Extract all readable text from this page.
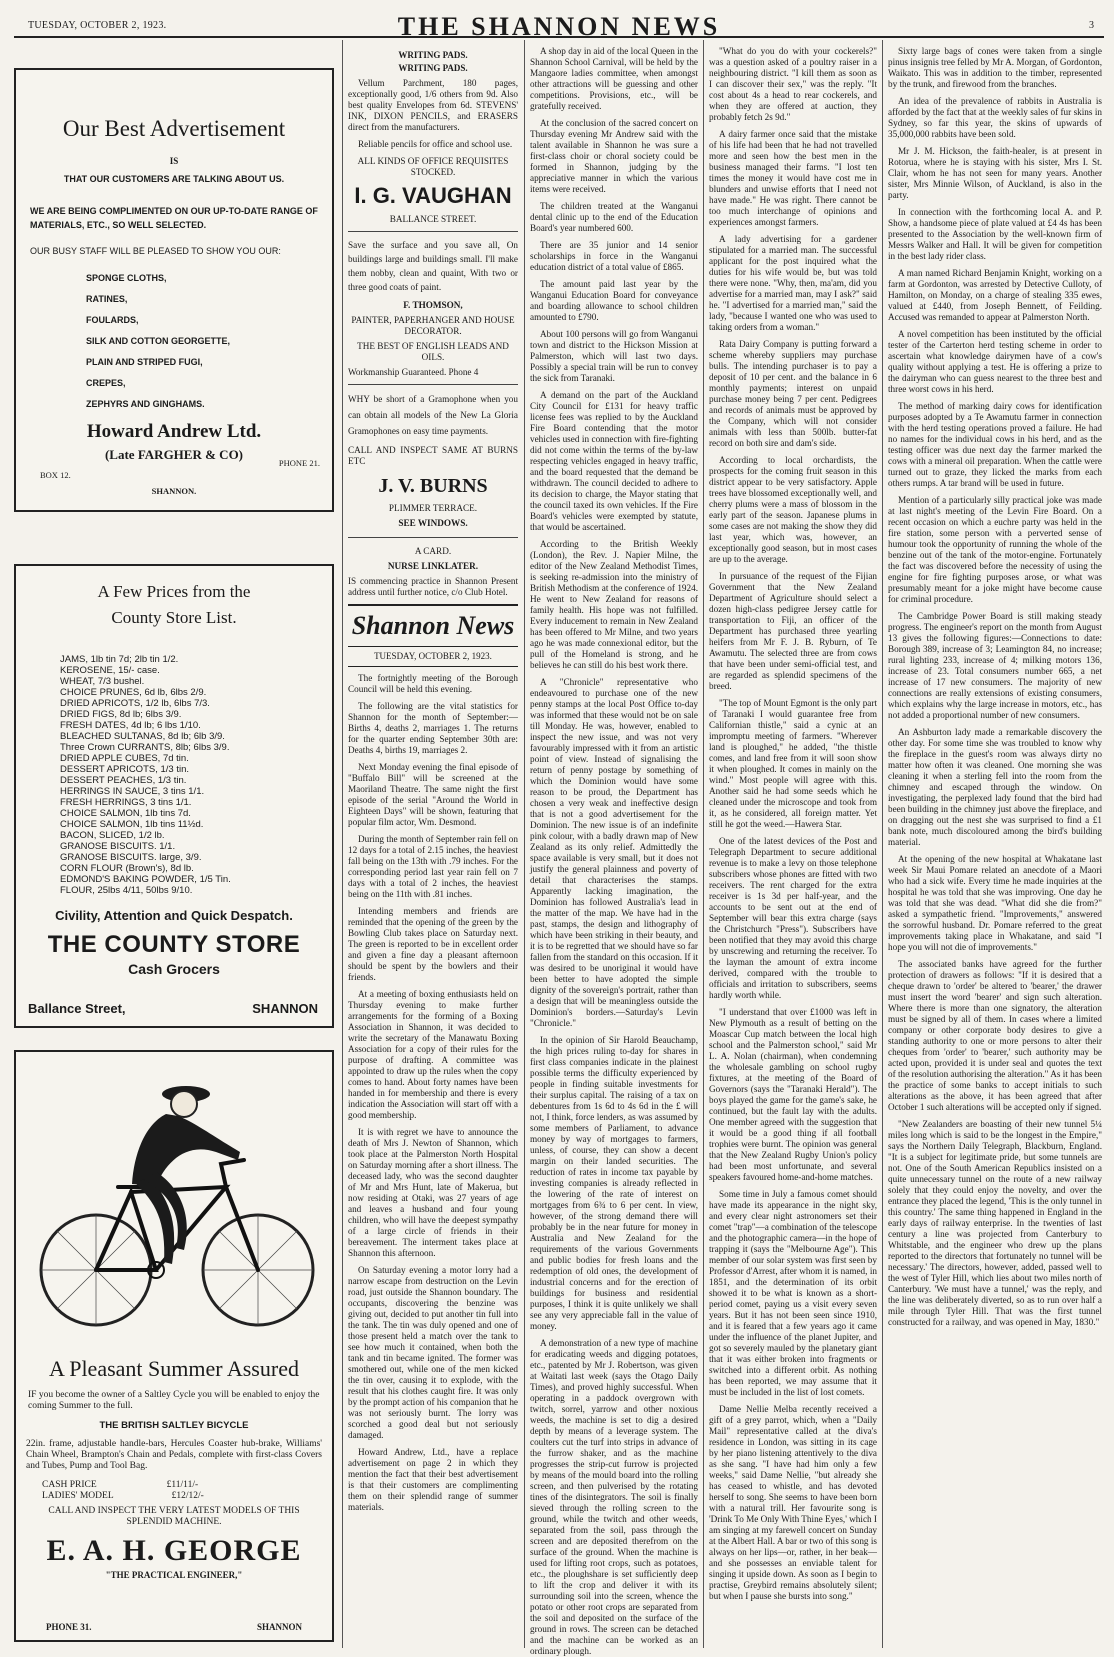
TUESDAY, OCTOBER 2, 1923.	THE SHANNON NEWS	3
Our Best Advertisement
IS
THAT OUR CUSTOMERS ARE TALKING ABOUT US.
WE ARE BEING COMPLIMENTED ON OUR UP-TO-DATE RANGE OF MATERIALS, ETC., SO WELL SELECTED.
OUR BUSY STAFF WILL BE PLEASED TO SHOW YOU OUR:
SPONGE CLOTHS,
RATINES,
FOULARDS,
SILK AND COTTON GEORGETTE,
PLAIN AND STRIPED FUGI,
CREPES,
ZEPHYRS AND GINGHAMS.
Howard Andrew Ltd.
(Late FARGHER & CO)
BOX 12.
PHONE 21.
SHANNON.
A Few Prices from the
County Store List.
JAMS, 1lb tin 7d; 2lb tin 1/2.
KEROSENE, 15/- case.
WHEAT, 7/3 bushel.
CHOICE PRUNES, 6d lb, 6lbs 2/9.
DRIED APRICOTS, 1/2 lb, 6lbs 7/3.
DRIED FIGS, 8d lb; 6lbs 3/9.
FRESH DATES, 4d lb; 6 lbs 1/10.
BLEACHED SULTANAS, 8d lb; 6lb 3/9.
Three Crown CURRANTS, 8lb; 6lbs 3/9.
DRIED APPLE CUBES, 7d tin.
DESSERT APRICOTS, 1/3 tin.
DESSERT PEACHES, 1/3 tin.
HERRINGS IN SAUCE, 3 tins 1/1.
FRESH HERRINGS, 3 tins 1/1.
CHOICE SALMON, 1lb tins 7d.
CHOICE SALMON, 1lb tins 11½d.
BACON, SLICED, 1/2 lb.
GRANOSE BISCUITS. 1/1.
GRANOSE BISCUITS. large, 3/9.
CORN FLOUR (Brown's), 8d lb.
EDMOND'S BAKING POWDER, 1/5 Tin.
FLOUR, 25lbs 4/11, 50lbs 9/10.
Civility, Attention and Quick Despatch.
THE COUNTY STORE
Cash Grocers
Ballance Street,	SHANNON
A Pleasant Summer Assured
IF you become the owner of a Saltley Cycle you will be enabled to enjoy the coming Summer to the full.
THE BRITISH SALTLEY BICYCLE
22in. frame, adjustable handle-bars, Hercules Coaster hub-brake, Williams' Chain Wheel, Brampton's Chain and Pedals, complete with first-class Covers and Tubes, Pump and Tool Bag.
CASH PRICE	£11/11/-
LADIES' MODEL	£12/12/-
CALL AND INSPECT THE VERY LATEST MODELS OF THIS SPLENDID MACHINE.
E. A. H. GEORGE
"THE PRACTICAL ENGINEER,"
PHONE 31.	SHANNON
WRITING PADS.
WRITING PADS.

Vellum Parchment, 180 pages, exceptionally good, 1/6 others from 9d. Also best quality Envelopes from 6d. STEVENS' INK, DIXON PENCILS, and ERASERS direct from the manufacturers.

Reliable pencils for office and school use.

ALL KINDS OF OFFICE REQUISITES STOCKED.
I. G. VAUGHAN
BALLANCE STREET.

Save the surface and you save all, On buildings large and buildings small. I'll make them nobby, clean and quaint, With two or three good coats of paint.

F. THOMSON,
PAINTER, PAPERHANGER AND HOUSE DECORATOR.
THE BEST OF ENGLISH LEADS AND OILS.

Workmanship Guaranteed. Phone 4

WHY be short of a Gramophone when you can obtain all models of the New La Gloria Gramophones on easy time payments.

CALL AND INSPECT SAME AT BURNS ETC

J. V. BURNS
PLIMMER TERRACE.
SEE WINDOWS.
A CARD.
NURSE LINKLATER.

IS commencing practice in Shannon Present address until further notice, c/o Club Hotel.

Shannon News
TUESDAY, OCTOBER 2, 1923.

The fortnightly meeting of the Borough Council will be held this evening.

The following are the vital statistics for Shannon for the month of September:—Births 4, deaths 2, marriages 1. The returns for the quarter ending September 30th are: Deaths 4, births 19, marriages 2.

Next Monday evening the final episode of "Buffalo Bill" will be screened at the Maoriland Theatre. The same night the first episode of the serial "Around the World in Eighteen Days" will be shown, featuring that popular film actor, Wm. Desmond.

During the month of September rain fell on 12 days for a total of 2.15 inches, the heaviest fall being on the 13th with .79 inches. For the corresponding period last year rain fell on 7 days with a total of 2 inches, the heaviest being on the 11th with .81 inches.

Intending members and friends are reminded that the opening of the green by the Bowling Club takes place on Saturday next. The green is reported to be in excellent order and given a fine day a pleasant afternoon should be spent by the bowlers and their friends.

At a meeting of boxing enthusiasts held on Thursday evening to make further arrangements for the forming of a Boxing Association in Shannon, it was decided to write the secretary of the Manawatu Boxing Association for a copy of their rules for the purpose of drafting. A committee was appointed to draw up the rules when the copy comes to hand. About forty names have been handed in for membership and there is every indication the Association will start off with a good membership.

It is with regret we have to announce the death of Mrs J. Newton of Shannon, which took place at the Palmerston North Hospital on Saturday morning after a short illness. The deceased lady, who was the second daughter of Mr and Mrs Hunt, late of Makerua, but now residing at Otaki, was 27 years of age and leaves a husband and four young children, who will have the deepest sympathy of a large circle of friends in their bereavement. The interment takes place at Shannon this afternoon.

On Saturday evening a motor lorry had a narrow escape from destruction on the Levin road, just outside the Shannon boundary. The occupants, discovering the benzine was giving out, decided to put another tin full into the tank. The tin was duly opened and one of those present held a match over the tank to see how much it contained, when both the tank and tin became ignited. The former was smothered out, while one of the men kicked the tin over, causing it to explode, with the result that his clothes caught fire. It was only by the prompt action of his companion that he was not seriously burnt. The lorry was scorched a good deal but not seriously damaged.

Howard Andrew, Ltd., have a replace advertisement on page 2 in which they mention the fact that their best advertisement is that their customers are complimenting them on their splendid range of summer materials.

A shop day in aid of the local Queen in the Shannon School Carnival, will be held by the Mangaore ladies committee, when amongst other attractions will be guessing and other competitions. Provisions, etc., will be gratefully received.

At the conclusion of the sacred concert on Thursday evening Mr Andrew said with the talent available in Shannon he was sure a first-class choir or choral society could be formed in Shannon, judging by the appreciative manner in which the various items were received.

The children treated at the Wanganui dental clinic up to the end of the Education Board's year numbered 600.

There are 35 junior and 14 senior scholarships in force in the Wanganui education district of a total value of £865.

The amount paid last year by the Wanganui Education Board for conveyance and boarding allowance to school children amounted to £790.

About 100 persons will go from Wanganui town and district to the Hickson Mission at Palmerston, which will last two days. Possibly a special train will be run to convey the sick from Taranaki.

A demand on the part of the Auckland City Council for £131 for heavy traffic license fees was replied to by the Auckland Fire Board contending that the motor vehicles used in connection with fire-fighting did not come within the terms of the by-law respecting vehicles engaged in heavy traffic, and the board requested that the demand be withdrawn. The council decided to adhere to its decision to charge, the Mayor stating that the council taxed its own vehicles. If the Fire Board's vehicles were exempted by statute, that would be ascertained.

According to the British Weekly (London), the Rev. J. Napier Milne, the editor of the New Zealand Methodist Times, is seeking re-admission into the ministry of British Methodism at the conference of 1924. He went to New Zealand for reasons of family health. His hope was not fulfilled. Every inducement to remain in New Zealand has been offered to Mr Milne, and two years ago he was made connexional editor, but the pull of the Homeland is strong, and he believes he can still do his best work there.

A "Chronicle" representative who endeavoured to purchase one of the new penny stamps at the local Post Office to-day was informed that these would not be on sale till Monday. He was, however, enabled to inspect the new issue, and was not very favourably impressed with it from an artistic point of view. Instead of signalising the return of penny postage by something of which the Dominion would have some reason to be proud, the Department has chosen a very weak and ineffective design that is not a good advertisement for the Dominion. The new issue is of an indefinite pink colour, with a badly drawn map of New Zealand as its only relief. Admittedly the space available is very small, but it does not justify the general plainness and poverty of detail that characterises the stamps. Apparently lacking imagination, the Dominion has followed Australia's lead in the matter of the map. We have had in the past, stamps, the design and lithography of which have been striking in their beauty, and it is to be regretted that we should have so far fallen from the standard on this occasion. If it was desired to be unoriginal it would have been better to have adopted the simple dignity of the sovereign's portrait, rather than a design that will be meaningless outside the Dominion's borders.—Saturday's Levin "Chronicle."

In the opinion of Sir Harold Beauchamp, the high prices ruling to-day for shares in first class companies indicate in the plainest possible terms the difficulty experienced by people in finding suitable investments for their surplus capital. The raising of a tax on debentures from 1s 6d to 4s 6d in the £ will not, I think, force lenders, as was assumed by some members of Parliament, to advance money by way of mortgages to farmers, unless, of course, they can show a decent margin on their landed securities. The reduction of rates in income tax payable by investing companies is already reflected in the lowering of the rate of interest on mortgages from 6¾ to 6 per cent. In view, however, of the strong demand there will probably be in the near future for money in Australia and New Zealand for the requirements of the various Governments and public bodies for fresh loans and the redemption of old ones, the development of industrial concerns and for the erection of buildings for business and residential purposes, I think it is quite unlikely we shall see any very appreciable fall in the value of money.

A demonstration of a new type of machine for eradicating weeds and digging potatoes, etc., patented by Mr J. Robertson, was given at Waitati last week (says the Otago Daily Times), and proved highly successful. When operating in a paddock overgrown with twitch, sorrel, yarrow and other noxious weeds, the machine is set to dig a desired depth by means of a leverage system. The coulters cut the turf into strips in advance of the furrow shaker, and as the machine progresses the strip-cut furrow is projected by means of the mould board into the rolling screen, and then pulverised by the rotating tines of the disintegrators. The soil is finally sieved through the rolling screen to the ground, while the twitch and other weeds, separated from the soil, pass through the screen and are deposited therefrom on the surface of the ground. When the machine is used for lifting root crops, such as potatoes, etc., the ploughshare is set sufficiently deep to lift the crop and deliver it with its surrounding soil into the screen, whence the potato or other root crops are separated from the soil and deposited on the surface of the ground in rows. The screen can be detached and the machine can be worked as an ordinary plough.

"What do you do with your cockerels?" was a question asked of a poultry raiser in a neighbouring district. "I kill them as soon as I can discover their sex," was the reply. "It cost about 4s a head to rear cockerels, and when they are offered at auction, they probably fetch 2s 9d."

A dairy farmer once said that the mistake of his life had been that he had not travelled more and seen how the best men in the business managed their farms. "I lost ten times the money it would have cost me in blunders and unwise efforts that I need not have made." He was right. There cannot be too much interchange of opinions and experiences amongst farmers.

A lady advertising for a gardener stipulated for a married man. The successful applicant for the post inquired what the duties for his wife would be, but was told there were none. "Why, then, ma'am, did you advertise for a married man, may I ask?" said he. "I advertised for a married man," said the lady, "because I wanted one who was used to taking orders from a woman."

Rata Dairy Company is putting forward a scheme whereby suppliers may purchase bulls. The intending purchaser is to pay a deposit of 10 per cent. and the balance in 6 monthly payments; interest on unpaid purchase money being 7 per cent. Pedigrees and records of animals must be approved by the Company, which will not consider animals with less than 500lb. butter-fat record on both sire and dam's side.

According to local orchardists, the prospects for the coming fruit season in this district appear to be very satisfactory. Apple trees have blossomed exceptionally well, and cherry plums were a mass of blossom in the early part of the season. Japanese plums in some cases are not making the show they did last year, which was, however, an exceptionally good season, but in most cases are up to the average.

In pursuance of the request of the Fijian Government that the New Zealand Department of Agriculture should select a dozen high-class pedigree Jersey cattle for transportation to Fiji, an officer of the Department has purchased three yearling heifers from Mr F. J. B. Ryburn, of Te Awamutu. The selected three are from cows that have been under semi-official test, and are regarded as splendid specimens of the breed.

"The top of Mount Egmont is the only part of Taranaki I would guarantee free from Californian thistle," said a cynic at an impromptu meeting of farmers. "Wherever land is ploughed," he added, "the thistle comes, and land free from it will soon show it when ploughed. It comes in mainly on the wind." Most people will agree with this. Another said he had some seeds which he cleaned under the microscope and took from it, as he considered, all foreign matter. Yet still he got the weed.—Hawera Star.

One of the latest devices of the Post and Telegraph Department to secure additional revenue is to make a levy on those telephone subscribers whose phones are fitted with two receivers. The rent charged for the extra receiver is 1s 3d per half-year, and the accounts to be sent out at the end of September will bear this extra charge (says the Christchurch "Press"). Subscribers have been notified that they may avoid this charge by unscrewing and returning the receiver. To the layman the amount of extra income derived, compared with the trouble to officials and irritation to subscribers, seems hardly worth while.

"I understand that over £1000 was left in New Plymouth as a result of betting on the Moascar Cup match between the local high school and the Palmerston school," said Mr L. A. Nolan (chairman), when condemning the wholesale gambling on school rugby fixtures, at the meeting of the Board of Governors (says the "Taranaki Herald"). The boys played the game for the game's sake, he continued, but the fault lay with the adults. One member agreed with the suggestion that it would be a good thing if all football trophies were burnt. The opinion was general that the New Zealand Rugby Union's policy had been most unfortunate, and several speakers favoured home-and-home matches.

Some time in July a famous comet should have made its appearance in the night sky, and every clear night astronomers set their comet "trap"—a combination of the telescope and the photographic camera—in the hope of trapping it (says the "Melbourne Age"). This member of our solar system was first seen by Professor d'Arrest, after whom it is named, in 1851, and the determination of its orbit showed it to be what is known as a short-period comet, paying us a visit every seven years. But it has not been seen since 1910, and it is feared that a few years ago it came under the influence of the planet Jupiter, and got so severely mauled by the planetary giant that it was either broken into fragments or switched into a different orbit. As nothing has been reported, we may assume that it must be included in the list of lost comets.

Dame Nellie Melba recently received a gift of a grey parrot, which, when a "Daily Mail" representative called at the diva's residence in London, was sitting in its cage by her piano listening attentively to the diva as she sang. "I have had him only a few weeks," said Dame Nellie, "but already she has ceased to whistle, and has devoted herself to song. She seems to have been born with a natural trill. Her favourite song is 'Drink To Me Only With Thine Eyes,' which I am singing at my farewell concert on Sunday at the Albert Hall. A bar or two of this song is always on her lips—or, rather, in her beak—and she possesses an enviable talent for singing it upside down. As soon as I begin to practise, Greybird remains absolutely silent; but when I pause she bursts into song."

Sixty large bags of cones were taken from a single pinus insignis tree felled by Mr A. Morgan, of Gordonton, Waikato. This was in addition to the timber, represented by the trunk, and firewood from the branches.

An idea of the prevalence of rabbits in Australia is afforded by the fact that at the weekly sales of fur skins in Sydney, so far this year, the skins of upwards of 35,000,000 rabbits have been sold.

Mr J. M. Hickson, the faith-healer, is at present in Rotorua, where he is staying with his sister, Mrs I. St. Clair, whom he has not seen for many years. Another sister, Mrs Minnie Wilson, of Auckland, is also in the party.

In connection with the forthcoming local A. and P. Show, a handsome piece of plate valued at £4 4s has been presented to the Association by the well-known firm of Messrs Walker and Hall. It will be given for competition in the best lady rider class.

A man named Richard Benjamin Knight, working on a farm at Gordonton, was arrested by Detective Culloty, of Hamilton, on Monday, on a charge of stealing 335 ewes, valued at £440, from Joseph Bennett, of Feilding. Accused was remanded to appear at Palmerston North.

A novel competition has been instituted by the official tester of the Carterton herd testing scheme in order to ascertain what knowledge dairymen have of a cow's quality without applying a test. He is offering a prize to the dairyman who can guess nearest to the three best and three worst cows in his herd.

The method of marking dairy cows for identification purposes adopted by a Te Awamutu farmer in connection with the herd testing operations proved a failure. He had no names for the individual cows in his herd, and as the testing officer was due next day the farmer marked the cows with a mineral oil preparation. When the cattle were turned out to graze, they licked the marks from each others rumps. A tar brand will be used in future.

Mention of a particularly silly practical joke was made at last night's meeting of the Levin Fire Board. On a recent occasion on which a euchre party was held in the fire station, some person with a perverted sense of humour took the opportunity of running the whole of the benzine out of the tank of the motor-engine. Fortunately the fact was discovered before the necessity of using the engine for fire fighting purposes arose, or what was presumably meant for a joke might have become cause for criminal procedure.

The Cambridge Power Board is still making steady progress. The engineer's report on the month from August 13 gives the following figures:—Connections to date: Borough 389, increase of 3; Leamington 84, no increase; rural lighting 233, increase of 4; milking motors 136, increase of 23. Total consumers number 665, a net increase of 17 new consumers. The majority of new connections are really extensions of existing consumers, which explains why the large increase in motors, etc., has not added a proportional number of new consumers.

An Ashburton lady made a remarkable discovery the other day. For some time she was troubled to know why the fireplace in the guest's room was always dirty no matter how often it was cleaned. One morning she was cleaning it when a sterling fell into the room from the chimney and escaped through the window. On investigating, the perplexed lady found that the bird had been building in the chimney just above the fireplace, and on dragging out the nest she was surprised to find a £1 bank note, much discoloured among the bird's building material.

At the opening of the new hospital at Whakatane last week Sir Maui Pomare related an anecdote of a Maori who had a sick wife. Every time he made inquiries at the hospital he was told that she was improving. One day he was told that she was dead. "What did she die from?" asked a sympathetic friend. "Improvements," answered the sorrowful husband. Dr. Pomare referred to the great improvements taking place in Whakatane, and said "I hope you will not die of improvements."

The associated banks have agreed for the further protection of drawers as follows: "If it is desired that a cheque drawn to 'order' be altered to 'bearer,' the drawer must insert the word 'bearer' and sign such alteration. Where there is more than one signatory, the alteration must be signed by all of them. In cases where a limited company or other corporate body desires to give a standing authority to one or more persons to alter their cheques from 'order' to 'bearer,' such authority may be acted upon, provided it is under seal and quotes the text of the resolution authorising the alteration." As it has been the practice of some banks to accept initials to such alterations as the above, it has been agreed that after October 1 such alterations will be accepted only if signed.

"New Zealanders are boasting of their new tunnel 5¼ miles long which is said to be the longest in the Empire," says the Northern Daily Telegraph, Blackburn, England. "It is a subject for legitimate pride, but some tunnels are not. One of the South American Republics insisted on a quite unnecessary tunnel on the route of a new railway solely that they could enjoy the novelty, and over the entrance they placed the legend, 'This is the only tunnel in this country.' The same thing happened in England in the early days of railway enterprise. In the twenties of last century a line was projected from Canterbury to Whitstable, and the engineer who drew up the plans reported to the directors that fortunately no tunnel will be necessary.' The directors, however, added, passed well to the west of Tyler Hill, which lies about two miles north of Canterbury. 'We must have a tunnel,' was the reply, and the line was deliberately diverted, so as to run over half a mile through Tyler Hill. That was the first tunnel constructed for a railway, and was opened in May, 1830."
